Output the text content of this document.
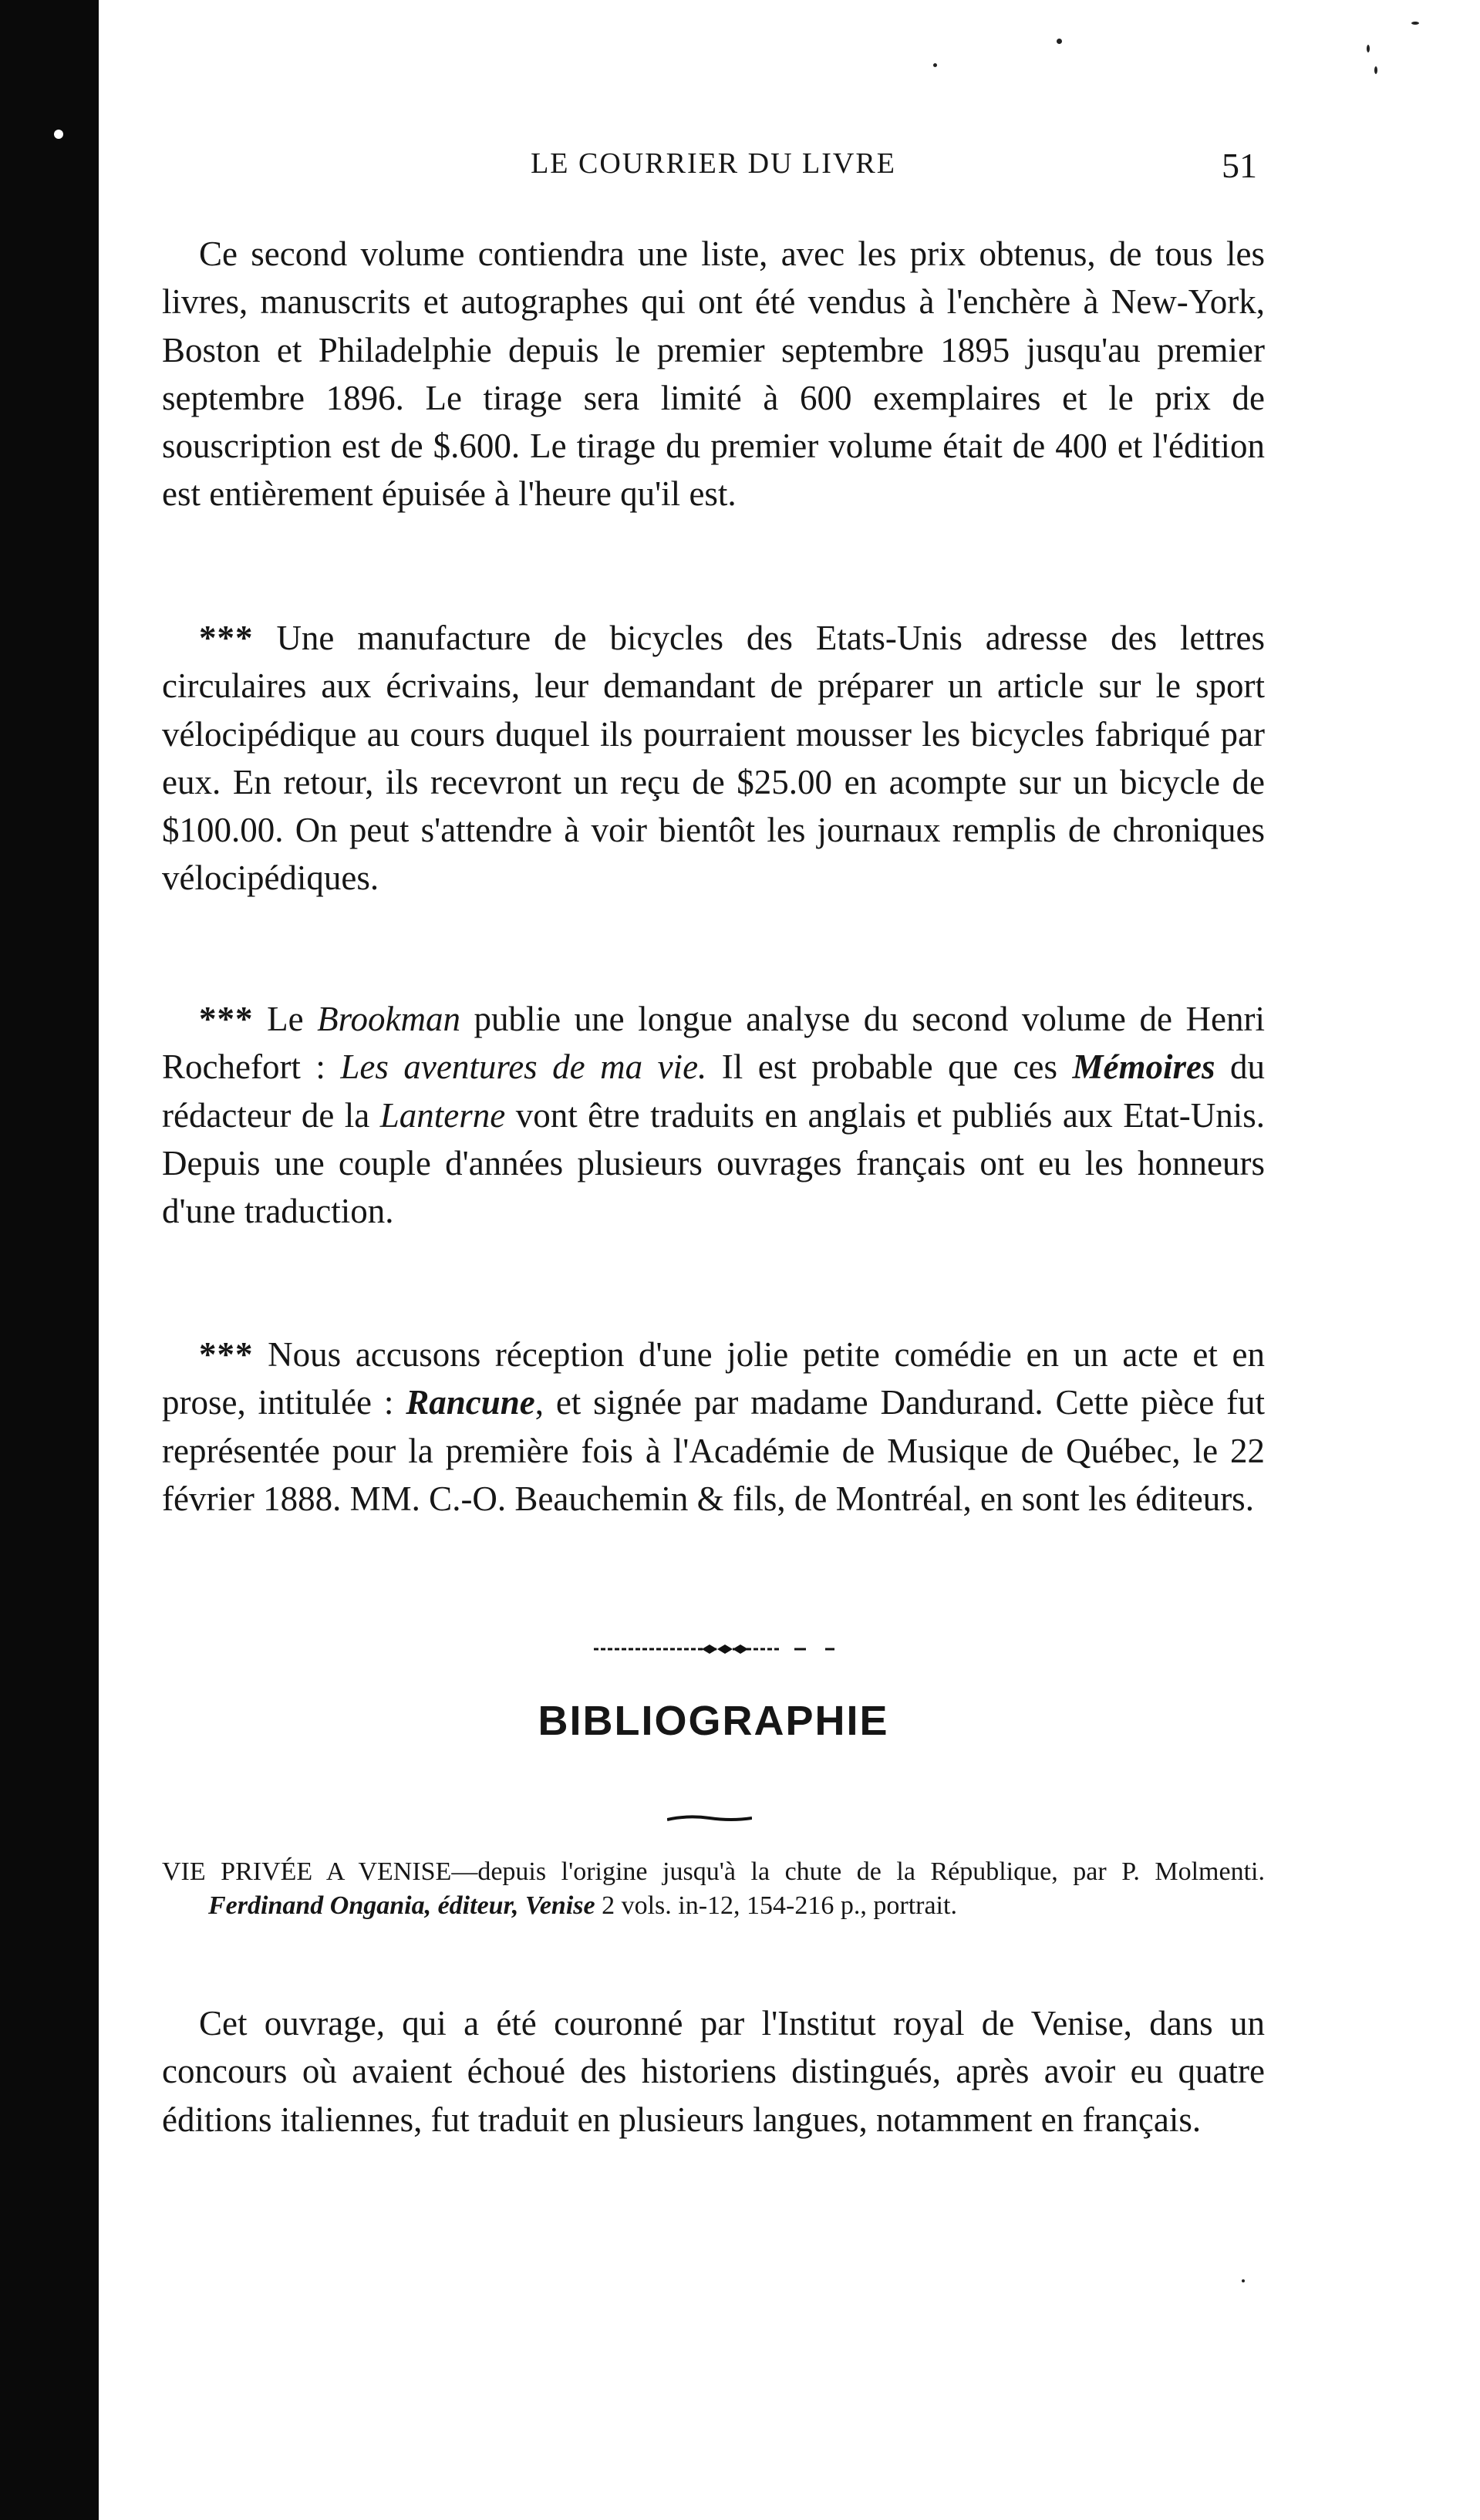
LE COURRIER DU LIVRE	51
Ce second volume contiendra une liste, avec les prix obtenus, de tous les livres, manuscrits et autographes qui ont été vendus à l'enchère à New-York, Boston et Philadelphie depuis le premier septembre 1895 jusqu'au premier septembre 1896. Le tirage sera limité à 600 exemplaires et le prix de souscription est de $.600. Le tirage du premier volume était de 400 et l'édition est entièrement épuisée à l'heure qu'il est.
*** Une manufacture de bicycles des Etats-Unis adresse des lettres circulaires aux écrivains, leur demandant de préparer un article sur le sport vélocipédique au cours duquel ils pourraient mousser les bicycles fabriqué par eux. En retour, ils recevront un reçu de $25.00 en acompte sur un bicycle de $100.00. On peut s'attendre à voir bientôt les journaux remplis de chroniques vélocipédiques.
*** Le Brookman publie une longue analyse du second volume de Henri Rochefort : Les aventures de ma vie. Il est probable que ces Mémoires du rédacteur de la Lanterne vont être traduits en anglais et publiés aux Etat-Unis. Depuis une couple d'années plusieurs ouvrages français ont eu les honneurs d'une traduction.
*** Nous accusons réception d'une jolie petite comédie en un acte et en prose, intitulée : Rancune, et signée par madame Dandurand. Cette pièce fut représentée pour la première fois à l'Académie de Musique de Québec, le 22 février 1888. MM. C.-O. Beauchemin & fils, de Montréal, en sont les éditeurs.
BIBLIOGRAPHIE
VIE PRIVÉE A VENISE—depuis l'origine jusqu'à la chute de la République, par P. Molmenti. Ferdinand Ongania, éditeur, Venise 2 vols. in-12, 154-216 p., portrait.
Cet ouvrage, qui a été couronné par l'Institut royal de Venise, dans un concours où avaient échoué des historiens distingués, après avoir eu quatre éditions italiennes, fut traduit en plusieurs langues, notamment en français.
